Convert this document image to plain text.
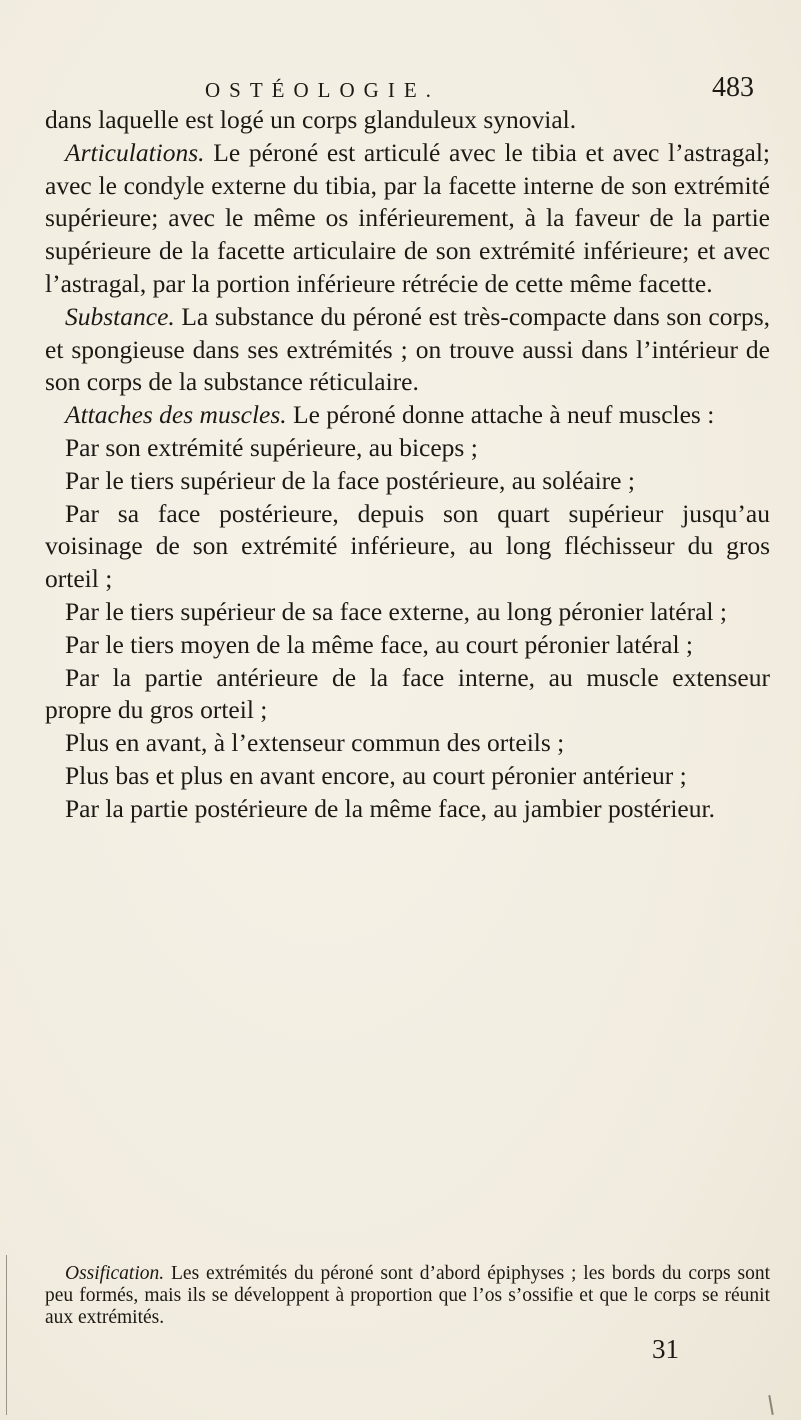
OSTÉOLOGIE.	483

dans laquelle est logé un corps glanduleux synovial.

Articulations. Le péroné est articulé avec le tibia et avec l’astragal; avec le condyle externe du tibia, par la facette interne de son extrémité supérieure; avec le même os inférieurement, à la faveur de la partie supérieure de la facette articulaire de son extrémité inférieure; et avec l’astragal, par la portion inférieure rétrécie de cette même facette.

Substance. La substance du péroné est très-compacte dans son corps, et spongieuse dans ses extrémités ; on trouve aussi dans l’intérieur de son corps de la substance réticulaire.

Attaches des muscles. Le péroné donne attache à neuf muscles :

Par son extrémité supérieure, au biceps ;

Par le tiers supérieur de la face postérieure, au soléaire ;

Par sa face postérieure, depuis son quart supérieur jusqu’au voisinage de son extrémité inférieure, au long fléchisseur du gros orteil ;

Par le tiers supérieur de sa face externe, au long péronier latéral ;

Par le tiers moyen de la même face, au court péronier latéral ;

Par la partie antérieure de la face interne, au muscle extenseur propre du gros orteil ;

Plus en avant, à l’extenseur commun des orteils ;

Plus bas et plus en avant encore, au court péronier antérieur ;

Par la partie postérieure de la même face, au jambier postérieur.

Ossification. Les extrémités du péroné sont d’abord épiphyses ; les bords du corps sont peu formés, mais ils se développent à proportion que l’os s’ossifie et que le corps se réunit aux extrémités.
31
